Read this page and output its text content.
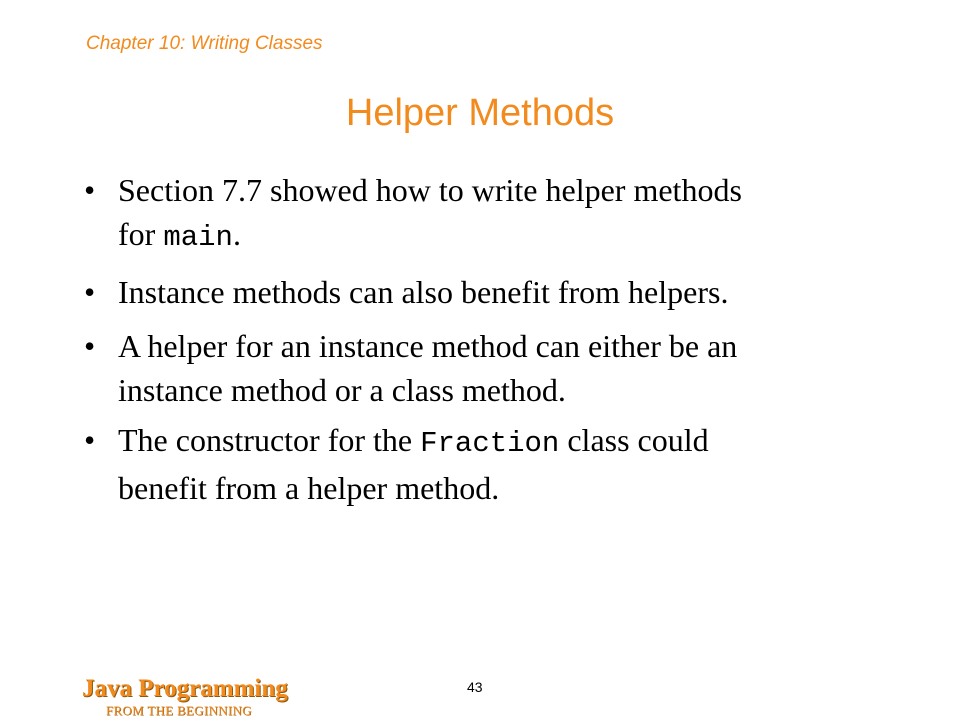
Chapter 10: Writing Classes
Helper Methods
• Section 7.7 showed how to write helper methods
for main.
• Instance methods can also benefit from helpers.
• A helper for an instance method can either be an
instance method or a class method.
• The constructor for the Fraction class could
benefit from a helper method.
Java Programming
FROM THE BEGINNING
43
